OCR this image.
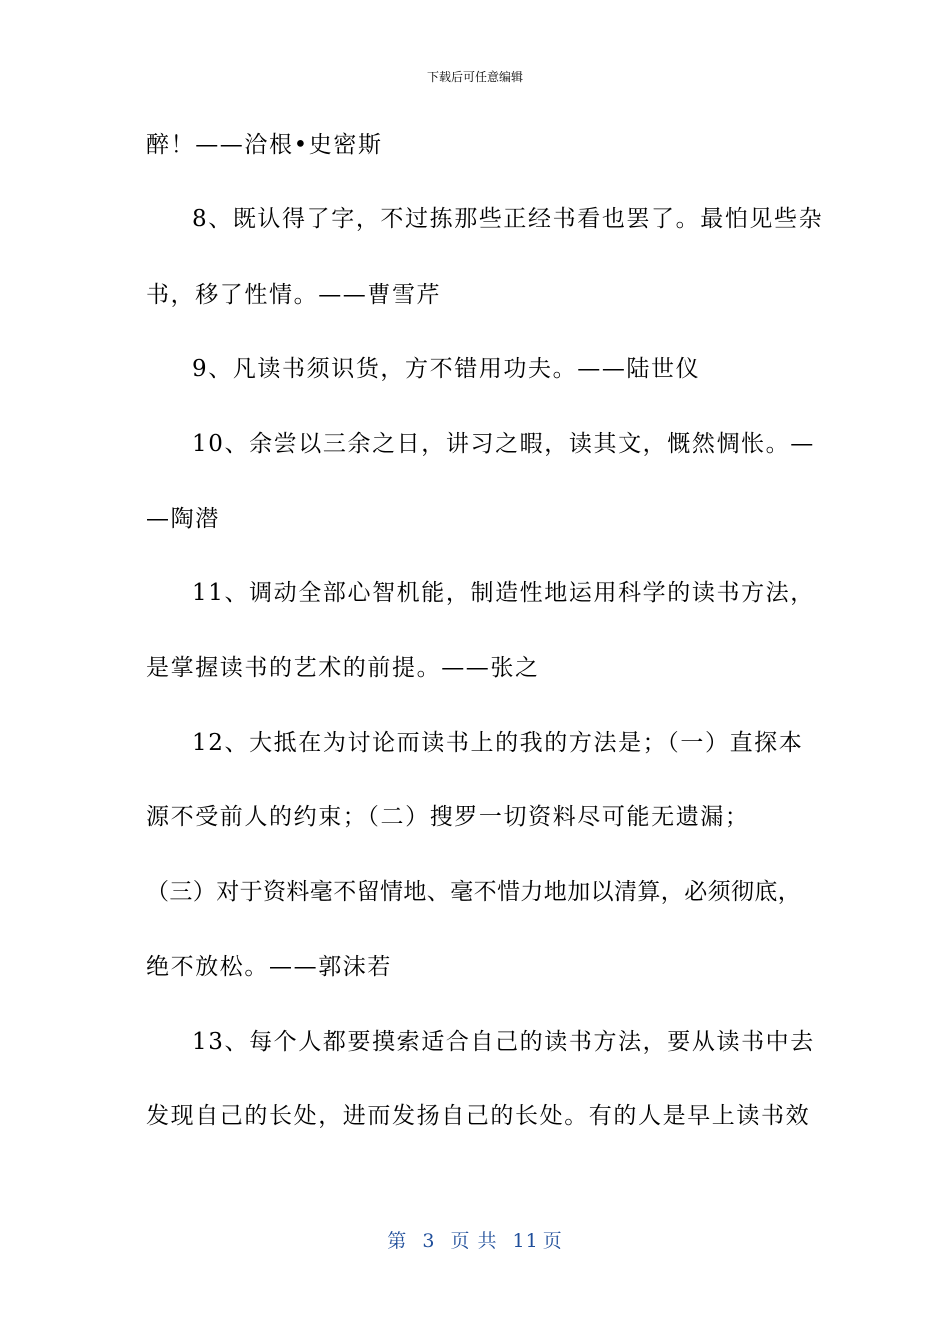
下载后可任意编辑
醉！——洽根•史密斯
8、既认得了字，不过拣那些正经书看也罢了。最怕见些杂
书，移了性情。——曹雪芹
9、凡读书须识货，方不错用功夫。——陆世仪
10、余尝以三余之日，讲习之暇，读其文，慨然惆怅。—
—陶潜
11、调动全部心智机能，制造性地运用科学的读书方法，
是掌握读书的艺术的前提。——张之
12、大抵在为讨论而读书上的我的方法是；（一）直探本
源不受前人的约束；（二）搜罗一切资料尽可能无遗漏；
（三）对于资料毫不留情地、毫不惜力地加以清算，必须彻底，
绝不放松。——郭沫若
13、每个人都要摸索适合自己的读书方法，要从读书中去
发现自己的长处，进而发扬自己的长处。有的人是早上读书效
第 3 页 共 11 页
